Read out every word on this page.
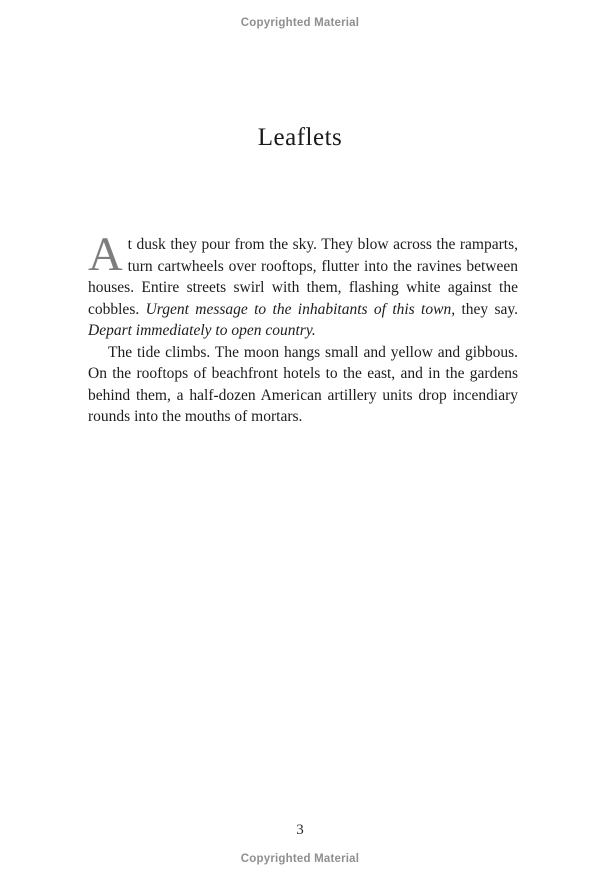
Copyrighted Material
Leaflets

At dusk they pour from the sky. They blow across the ramparts, turn cartwheels over rooftops, flutter into the ravines between houses. Entire streets swirl with them, flashing white against the cobbles. Urgent message to the inhabitants of this town, they say. Depart immediately to open country.

The tide climbs. The moon hangs small and yellow and gibbous. On the rooftops of beachfront hotels to the east, and in the gardens behind them, a half-dozen American artillery units drop incendiary rounds into the mouths of mortars.

3
Copyrighted Material
